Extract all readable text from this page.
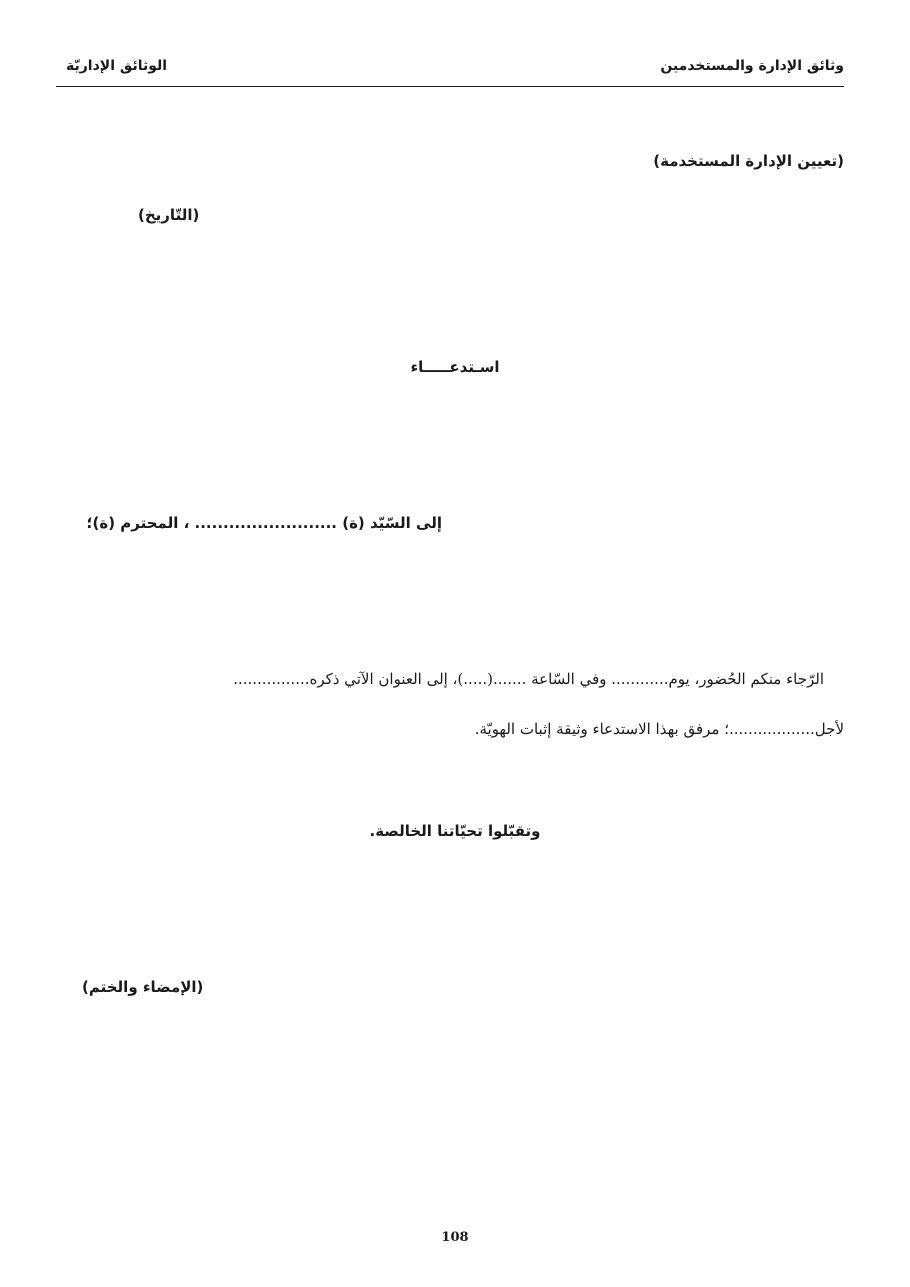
وثائق الإدارة والمستخدمين
الوثائق الإداريّة
(تعيين الإدارة المستخدمة)
(التّاريخ)
اسـتدعـــــاء
إلى السّيّد (ة) ......................... ، المحترم (ة)؛
الرّجاء منكم الحُضور، يوم............ وفي السّاعة .......(.....)، إلى العنوان الآتي ذكره................
لأجل..................؛ مرفق بهذا الاستدعاء وثيقة إثبات الهويّة.
وتقبّلوا تحيّاتنا الخالصة.
(الإمضاء والختم)
108
